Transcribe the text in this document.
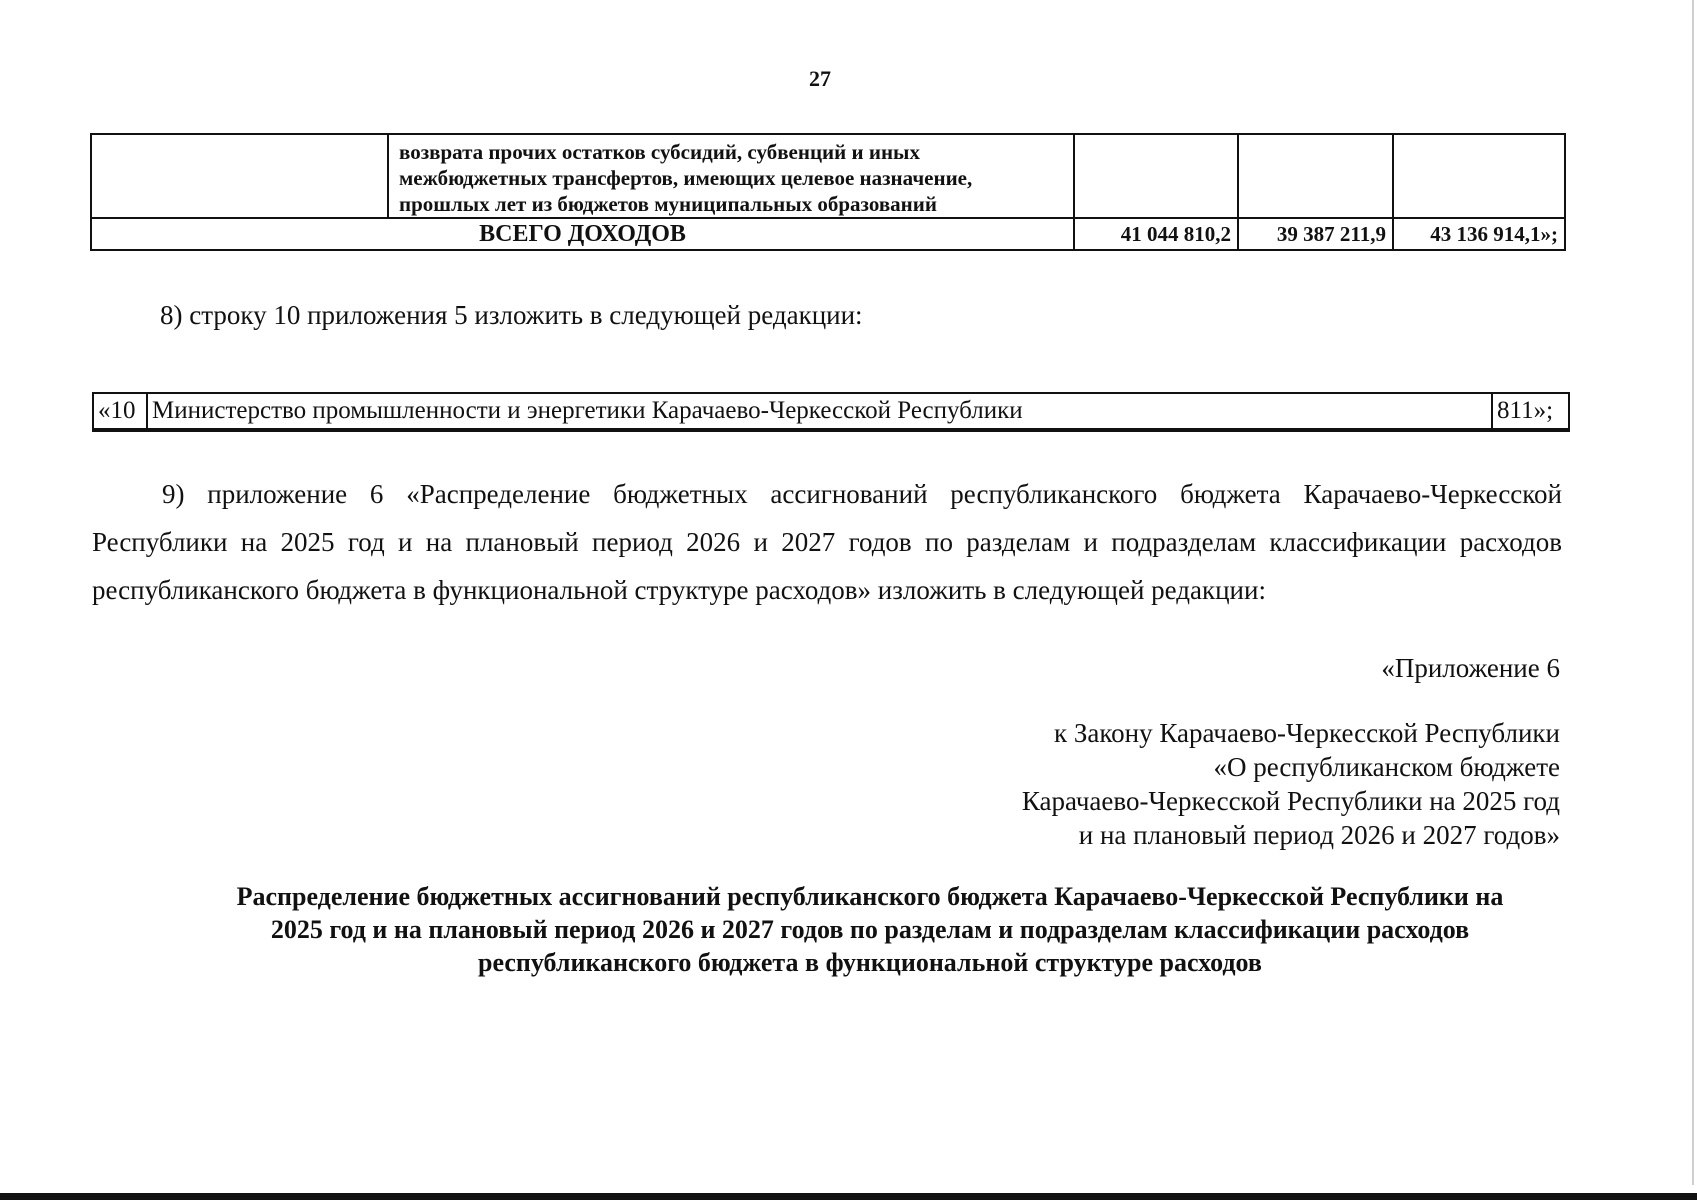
27

	возврата прочих остатков субсидий, субвенций и иных
межбюджетных трансфертов, имеющих целевое назначение,
прошлых лет из бюджетов муниципальных образований			

ВСЕГО ДОХОДОВ		41 044 810,2	39 387 211,9	43 136 914,1»;
8) строку 10 приложения 5 изложить в следующей редакции:
«10	Министерство промышленности и энергетики Карачаево-Черкесской Республики	811»;

9) приложение 6 «Распределение бюджетных ассигнований республиканского бюджета Карачаево-Черкесской Республики на 2025 год и на плановый период 2026 и 2027 годов по разделам и подразделам классификации расходов республиканского бюджета в функциональной структуре расходов» изложить в следующей редакции:

«Приложение 6
к Закону Карачаево-Черкесской Республики
«О республиканском бюджете
Карачаево-Черкесской Республики на 2025 год
и на плановый период 2026 и 2027 годов»
Распределение бюджетных ассигнований республиканского бюджета Карачаево-Черкесской Республики на
2025 год и на плановый период 2026 и 2027 годов по разделам и подразделам классификации расходов
республиканского бюджета в функциональной структуре расходов
